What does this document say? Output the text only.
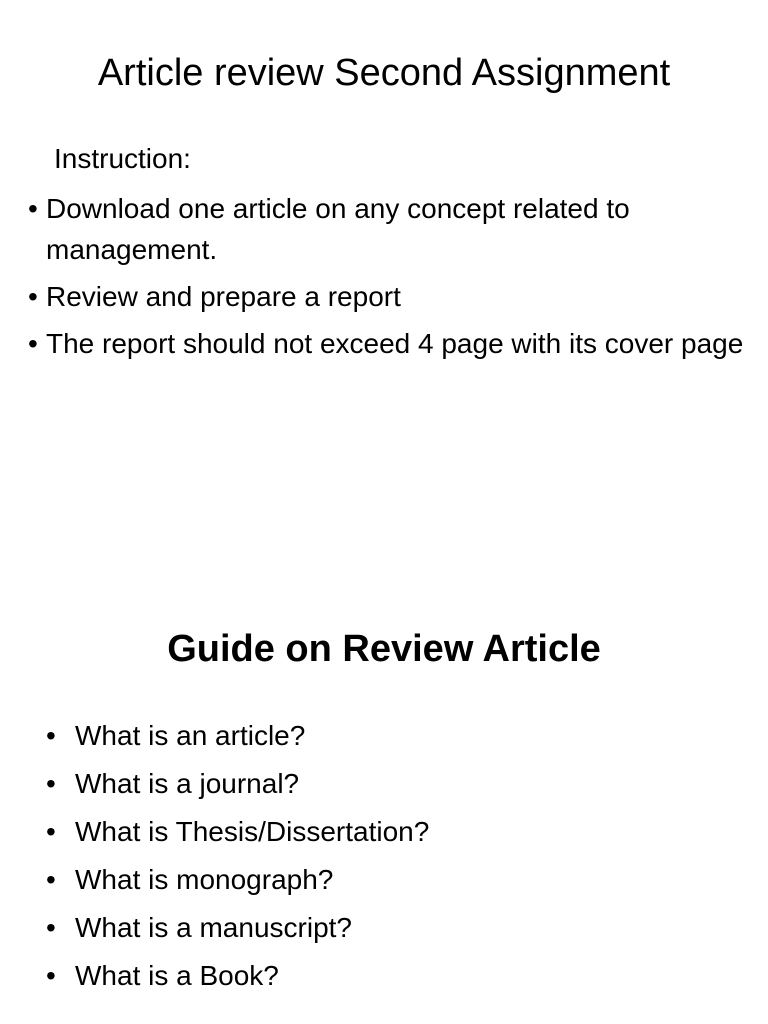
Article review Second Assignment

Instruction:

• Download one article on any concept related to management.
• Review and prepare a report
• The report should not exceed 4 page with its cover page
Guide on Review Article
• What is an article?
• What is a journal?
• What is Thesis/Dissertation?
• What is monograph?
• What is a manuscript?
• What is a Book?
